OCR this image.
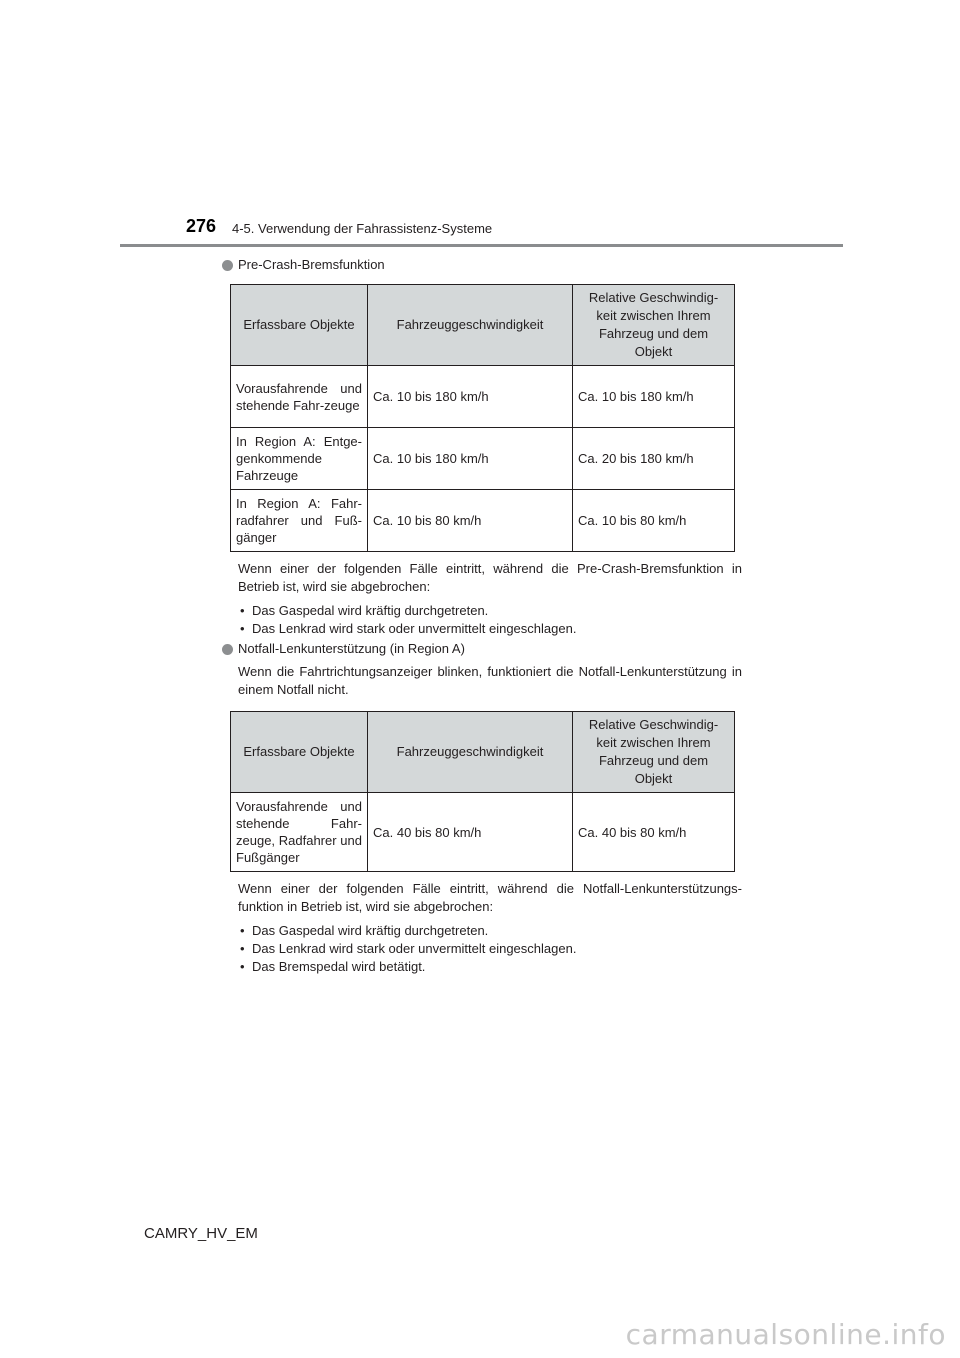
276 4-5. Verwendung der Fahrassistenz-Systeme
Pre-Crash-Bremsfunktion
Erfassbare Objekte	Fahrzeuggeschwindigkeit	Relative Geschwindig-keit zwischen Ihrem Fahrzeug und dem Objekt
Vorausfahrende und stehende Fahr-zeuge	Ca. 10 bis 180 km/h	Ca. 10 bis 180 km/h
In Region A: Entge-genkommende Fahrzeuge	Ca. 10 bis 180 km/h	Ca. 20 bis 180 km/h
In Region A: Fahr-radfahrer und Fuß-gänger	Ca. 10 bis 80 km/h	Ca. 10 bis 80 km/h

Wenn einer der folgenden Fälle eintritt, während die Pre-Crash-Bremsfunktion in Betrieb ist, wird sie abgebrochen:

• Das Gaspedal wird kräftig durchgetreten.
• Das Lenkrad wird stark oder unvermittelt eingeschlagen.
Notfall-Lenkunterstützung (in Region A)

Wenn die Fahrtrichtungsanzeiger blinken, funktioniert die Notfall-Lenkunterstützung in einem Notfall nicht.

Erfassbare Objekte	Fahrzeuggeschwindigkeit	Relative Geschwindig-keit zwischen Ihrem Fahrzeug und dem Objekt
Vorausfahrende und stehende Fahr-zeuge, Radfahrer und Fußgänger	Ca. 40 bis 80 km/h	Ca. 40 bis 80 km/h

Wenn einer der folgenden Fälle eintritt, während die Notfall-Lenkunterstützungs-funktion in Betrieb ist, wird sie abgebrochen:

• Das Gaspedal wird kräftig durchgetreten.
• Das Lenkrad wird stark oder unvermittelt eingeschlagen.
• Das Bremspedal wird betätigt.
CAMRY_HV_EM
carmanualsonline.info
